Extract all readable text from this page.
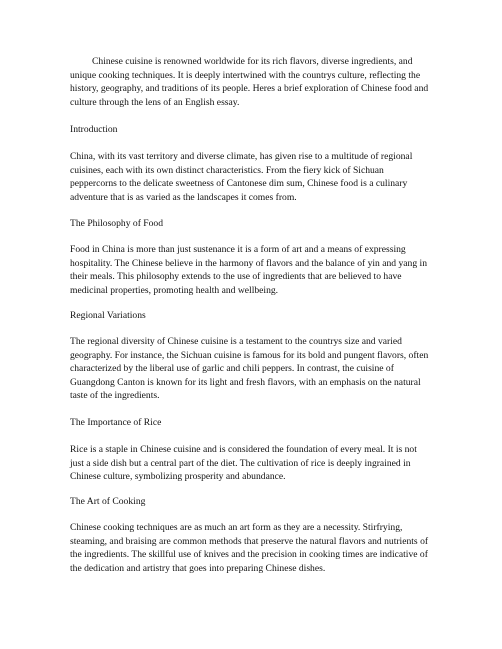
Chinese cuisine is renowned worldwide for its rich flavors, diverse ingredients, and unique cooking techniques. It is deeply intertwined with the countrys culture, reflecting the history, geography, and traditions of its people. Heres a brief exploration of Chinese food and culture through the lens of an English essay.

Introduction

China, with its vast territory and diverse climate, has given rise to a multitude of regional cuisines, each with its own distinct characteristics. From the fiery kick of Sichuan peppercorns to the delicate sweetness of Cantonese dim sum, Chinese food is a culinary adventure that is as varied as the landscapes it comes from.

The Philosophy of Food

Food in China is more than just sustenance it is a form of art and a means of expressing hospitality. The Chinese believe in the harmony of flavors and the balance of yin and yang in their meals. This philosophy extends to the use of ingredients that are believed to have medicinal properties, promoting health and wellbeing.

Regional Variations

The regional diversity of Chinese cuisine is a testament to the countrys size and varied geography. For instance, the Sichuan cuisine is famous for its bold and pungent flavors, often characterized by the liberal use of garlic and chili peppers. In contrast, the cuisine of Guangdong Canton is known for its light and fresh flavors, with an emphasis on the natural taste of the ingredients.

The Importance of Rice

Rice is a staple in Chinese cuisine and is considered the foundation of every meal. It is not just a side dish but a central part of the diet. The cultivation of rice is deeply ingrained in Chinese culture, symbolizing prosperity and abundance.

The Art of Cooking

Chinese cooking techniques are as much an art form as they are a necessity. Stirfrying, steaming, and braising are common methods that preserve the natural flavors and nutrients of the ingredients. The skillful use of knives and the precision in cooking times are indicative of the dedication and artistry that goes into preparing Chinese dishes.
